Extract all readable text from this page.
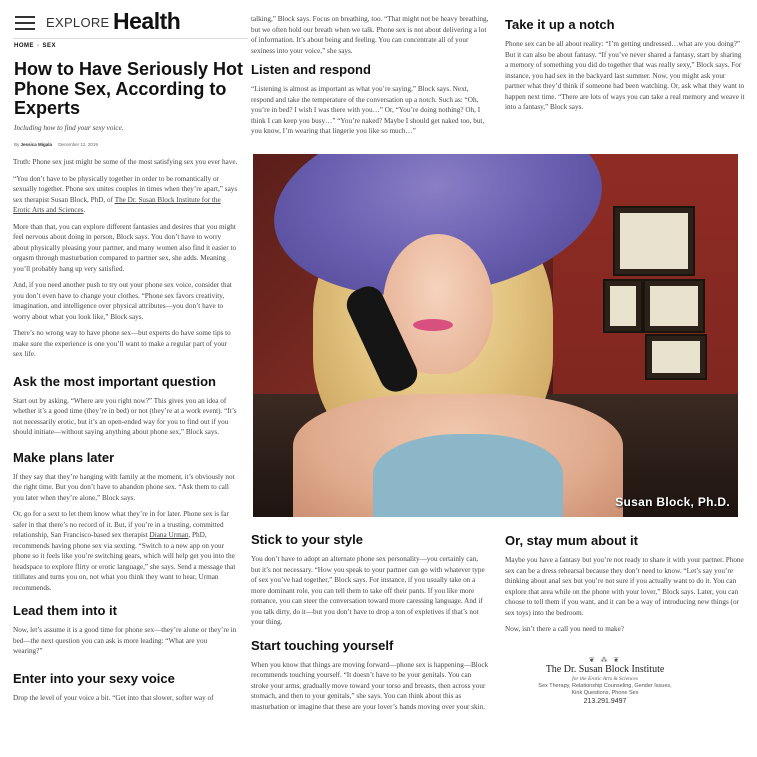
EXPLORE Health
HOME › SEX
How to Have Seriously Hot Phone Sex, According to Experts
Including how to find your sexy voice.
By Jessica Migala December 12, 2019

Truth: Phone sex just might be some of the most satisfying sex you ever have.

“You don’t have to be physically together in order to be romantically or sexually together. Phone sex unites couples in times when they’re apart,” says sex therapist Susan Block, PhD, of The Dr. Susan Block Institute for the Erotic Arts and Sciences.

More than that, you can explore different fantasies and desires that you might feel nervous about doing in person, Block says. You don’t have to worry about physically pleasing your partner, and many women also find it easier to orgasm through masturbation compared to partner sex, she adds. Meaning you’ll probably hang up very satisfied.

And, if you need another push to try out your phone sex voice, consider that you don’t even have to change your clothes. “Phone sex favors creativity, imagination, and intelligence over physical attributes—you don’t have to worry about what you look like,” Block says.

There’s no wrong way to have phone sex—but experts do have some tips to make sure the experience is one you’ll want to make a regular part of your sex life.

Ask the most important question

Start out by asking, “Where are you right now?” This gives you an idea of whether it’s a good time (they’re in bed) or not (they’re at a work event). “It’s not necessarily erotic, but it’s an open-ended way for you to find out if you should initiate—without saying anything about phone sex,” Block says.

Make plans later

If they say that they’re hanging with family at the moment, it’s obviously not the right time. But you don’t have to abandon phone sex. “Ask them to call you later when they’re alone,” Block says.

Or, go for a sext to let them know what they’re in for later. Phone sex is far safer in that there’s no record of it. But, if you’re in a trusting, committed relationship, San Francisco-based sex therapist Diana Urman, PhD, recommends having phone sex via sexting. “Switch to a new app on your phone so it feels like you’re switching gears, which will help get you into the headspace to explore flirty or erotic language,” she says. Send a message that titillates and turns you on, not what you think they want to hear, Urman recommends.

Lead them into it

Now, let’s assume it is a good time for phone sex—they’re alone or they’re in bed—the next question you can ask is more leading: “What are you wearing?”

Enter into your sexy voice

Drop the level of your voice a bit. “Get into that slower, softer way of

talking,” Block says. Focus on breathing, too. “That might not be heavy breathing, but we often hold our breath when we talk. Phone sex is not about delivering a lot of information. It’s about being and feeling. You can concentrate all of your sexiness into your voice,” she says.

Listen and respond

“Listening is almost as important as what you’re saying,” Block says. Next, respond and take the temperature of the conversation up a notch. Such as: “Oh, you’re in bed? I wish I was there with you…” Or, “You’re doing nothing? Oh, I think I can keep you busy…” “You’re naked? Maybe I should get naked too, but, you know, I’m wearing that lingerie you like so much…”

Stick to your style

You don’t have to adopt an alternate phone sex personality—you certainly can, but it’s not necessary. “How you speak to your partner can go with whatever type of sex you’ve had together,” Block says. For instance, if you usually take on a more dominant role, you can tell them to take off their pants. If you like more romance, you can steer the conversation toward more caressing language. And if you talk dirty, do it—but you don’t have to drop a ton of expletives if that’s not your thing.

Start touching yourself

When you know that things are moving forward—phone sex is happening—Block recommends touching yourself. “It doesn’t have to be your genitals. You can stroke your arms, gradually move toward your torso and breasts, then across your stomach, and then to your genitals,” she says. You can think about this as masturbation or imagine that these are your lover’s hands moving over your skin.

Take it up a notch

Phone sex can be all about reality: “I’m getting undressed…what are you doing?” But it can also be about fantasy. “If you’ve never shared a fantasy, start by sharing a memory of something you did do together that was really sexy,” Block says. For instance, you had sex in the backyard last summer. Now, you might ask your partner what they’d think if someone had been watching. Or, ask what they want to happen next time. “There are lots of ways you can take a real memory and weave it into a fantasy,” Block says.

Or, stay mum about it

Maybe you have a fantasy but you’re not ready to share it with your partner. Phone sex can be a dress rehearsal because they don’t need to know. “Let’s say you’re thinking about anal sex but you’re not sure if you actually want to do it. You can explore that area while on the phone with your lover,” Block says. Later, you can choose to tell them if you want, and it can be a way of introducing new things (or sex toys) into the bedroom.

Now, isn’t there a call you need to make?

Susan Block, Ph.D.
❦ ⁂ ❦
The Dr. Susan Block Institute
for the Erotic Arts & Sciences
Sex Therapy, Relationship Counseling, Gender Issues,
Kink Questions, Phone Sex
213.291.9497
